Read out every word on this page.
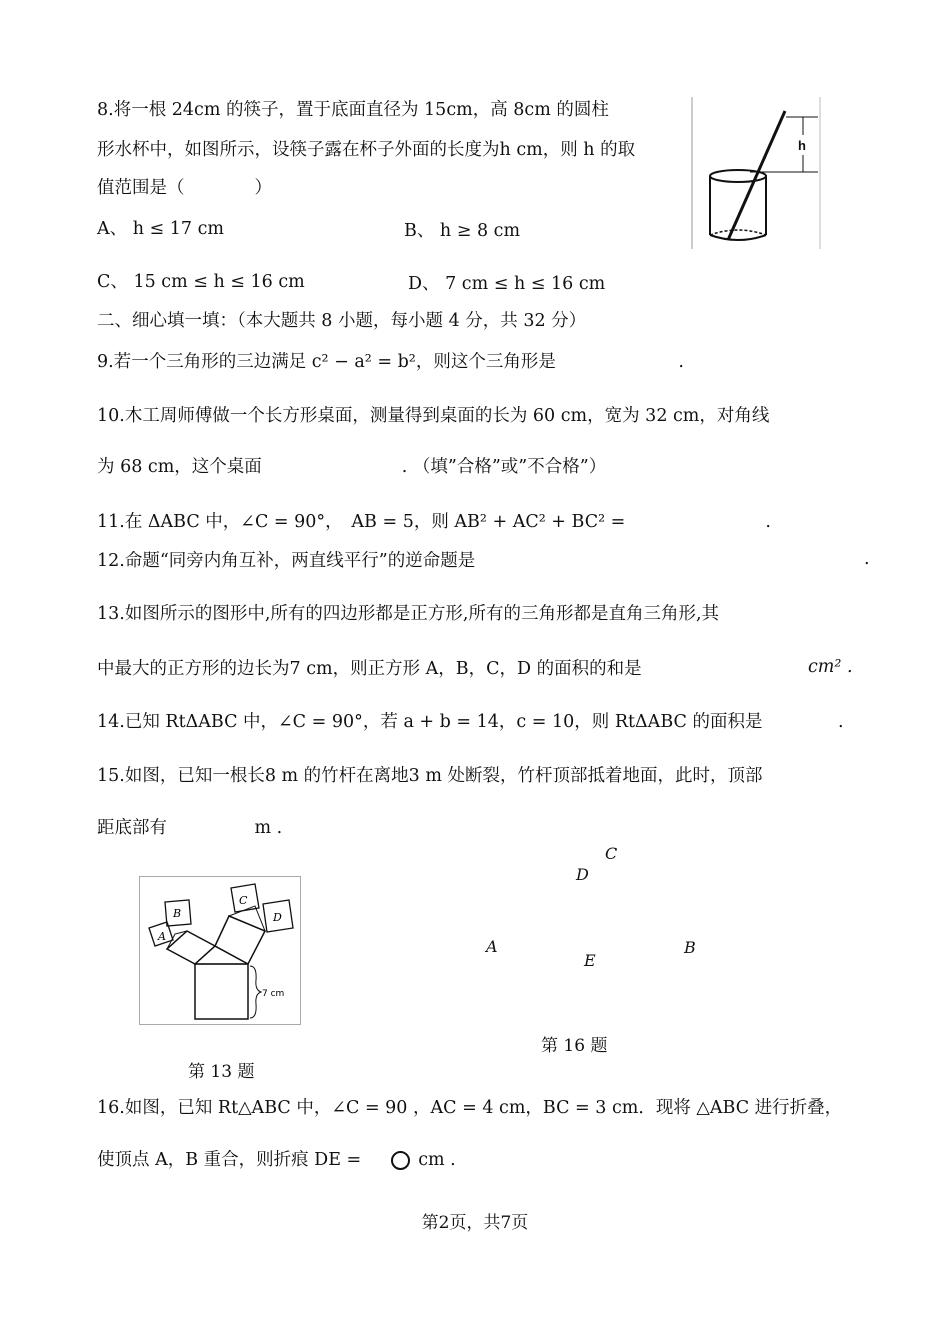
8.将一根 24cm 的筷子，置于底面直径为 15cm，高 8cm 的圆柱
形水杯中，如图所示，设筷子露在杯子外面的长度为h cm，则 h 的取
值范围是（　　　　）
A、 h ≤ 17 cm	B、 h ≥ 8 cm
C、 15 cm ≤ h ≤ 16 cm	D、 7 cm ≤ h ≤ 16 cm
h
二、细心填一填：（本大题共 8 小题，每小题 4 分，共 32 分）
9.若一个三角形的三边满足 c² − a² = b²，则这个三角形是　　　　　　　.
10.木工周师傅做一个长方形桌面，测量得到桌面的长为 60 cm，宽为 32 cm，对角线
为 68 cm，这个桌面　　　　　　　　. （填”合格”或”不合格”）
11.在 ΔABC 中，∠C = 90°，　AB = 5，则 AB² + AC² + BC² =　　　　　　　　.
12.命题“同旁内角互补，两直线平行”的逆命题是	.
13.如图所示的图形中,所有的四边形都是正方形,所有的三角形都是直角三角形,其
中最大的正方形的边长为7 cm，则正方形 A，B，C，D 的面积的和是	cm² .
14.已知 RtΔABC 中，∠C = 90°，若 a + b = 14，c = 10，则 RtΔABC 的面积是　　　　 .
15.如图，已知一根长8 m 的竹杆在离地3 m 处断裂，竹杆顶部抵着地面，此时，顶部
距底部有　　　　　m .
A
B
C
D
7 cm
第 13 题
C
D
A
E
B
第 16 题
16.如图，已知 Rt△ABC 中，∠C = 90 ，AC = 4 cm，BC = 3 cm．现将 △ABC 进行折叠，
使顶点 A，B 重合，则折痕 DE =	cm .
第2页，共7页
